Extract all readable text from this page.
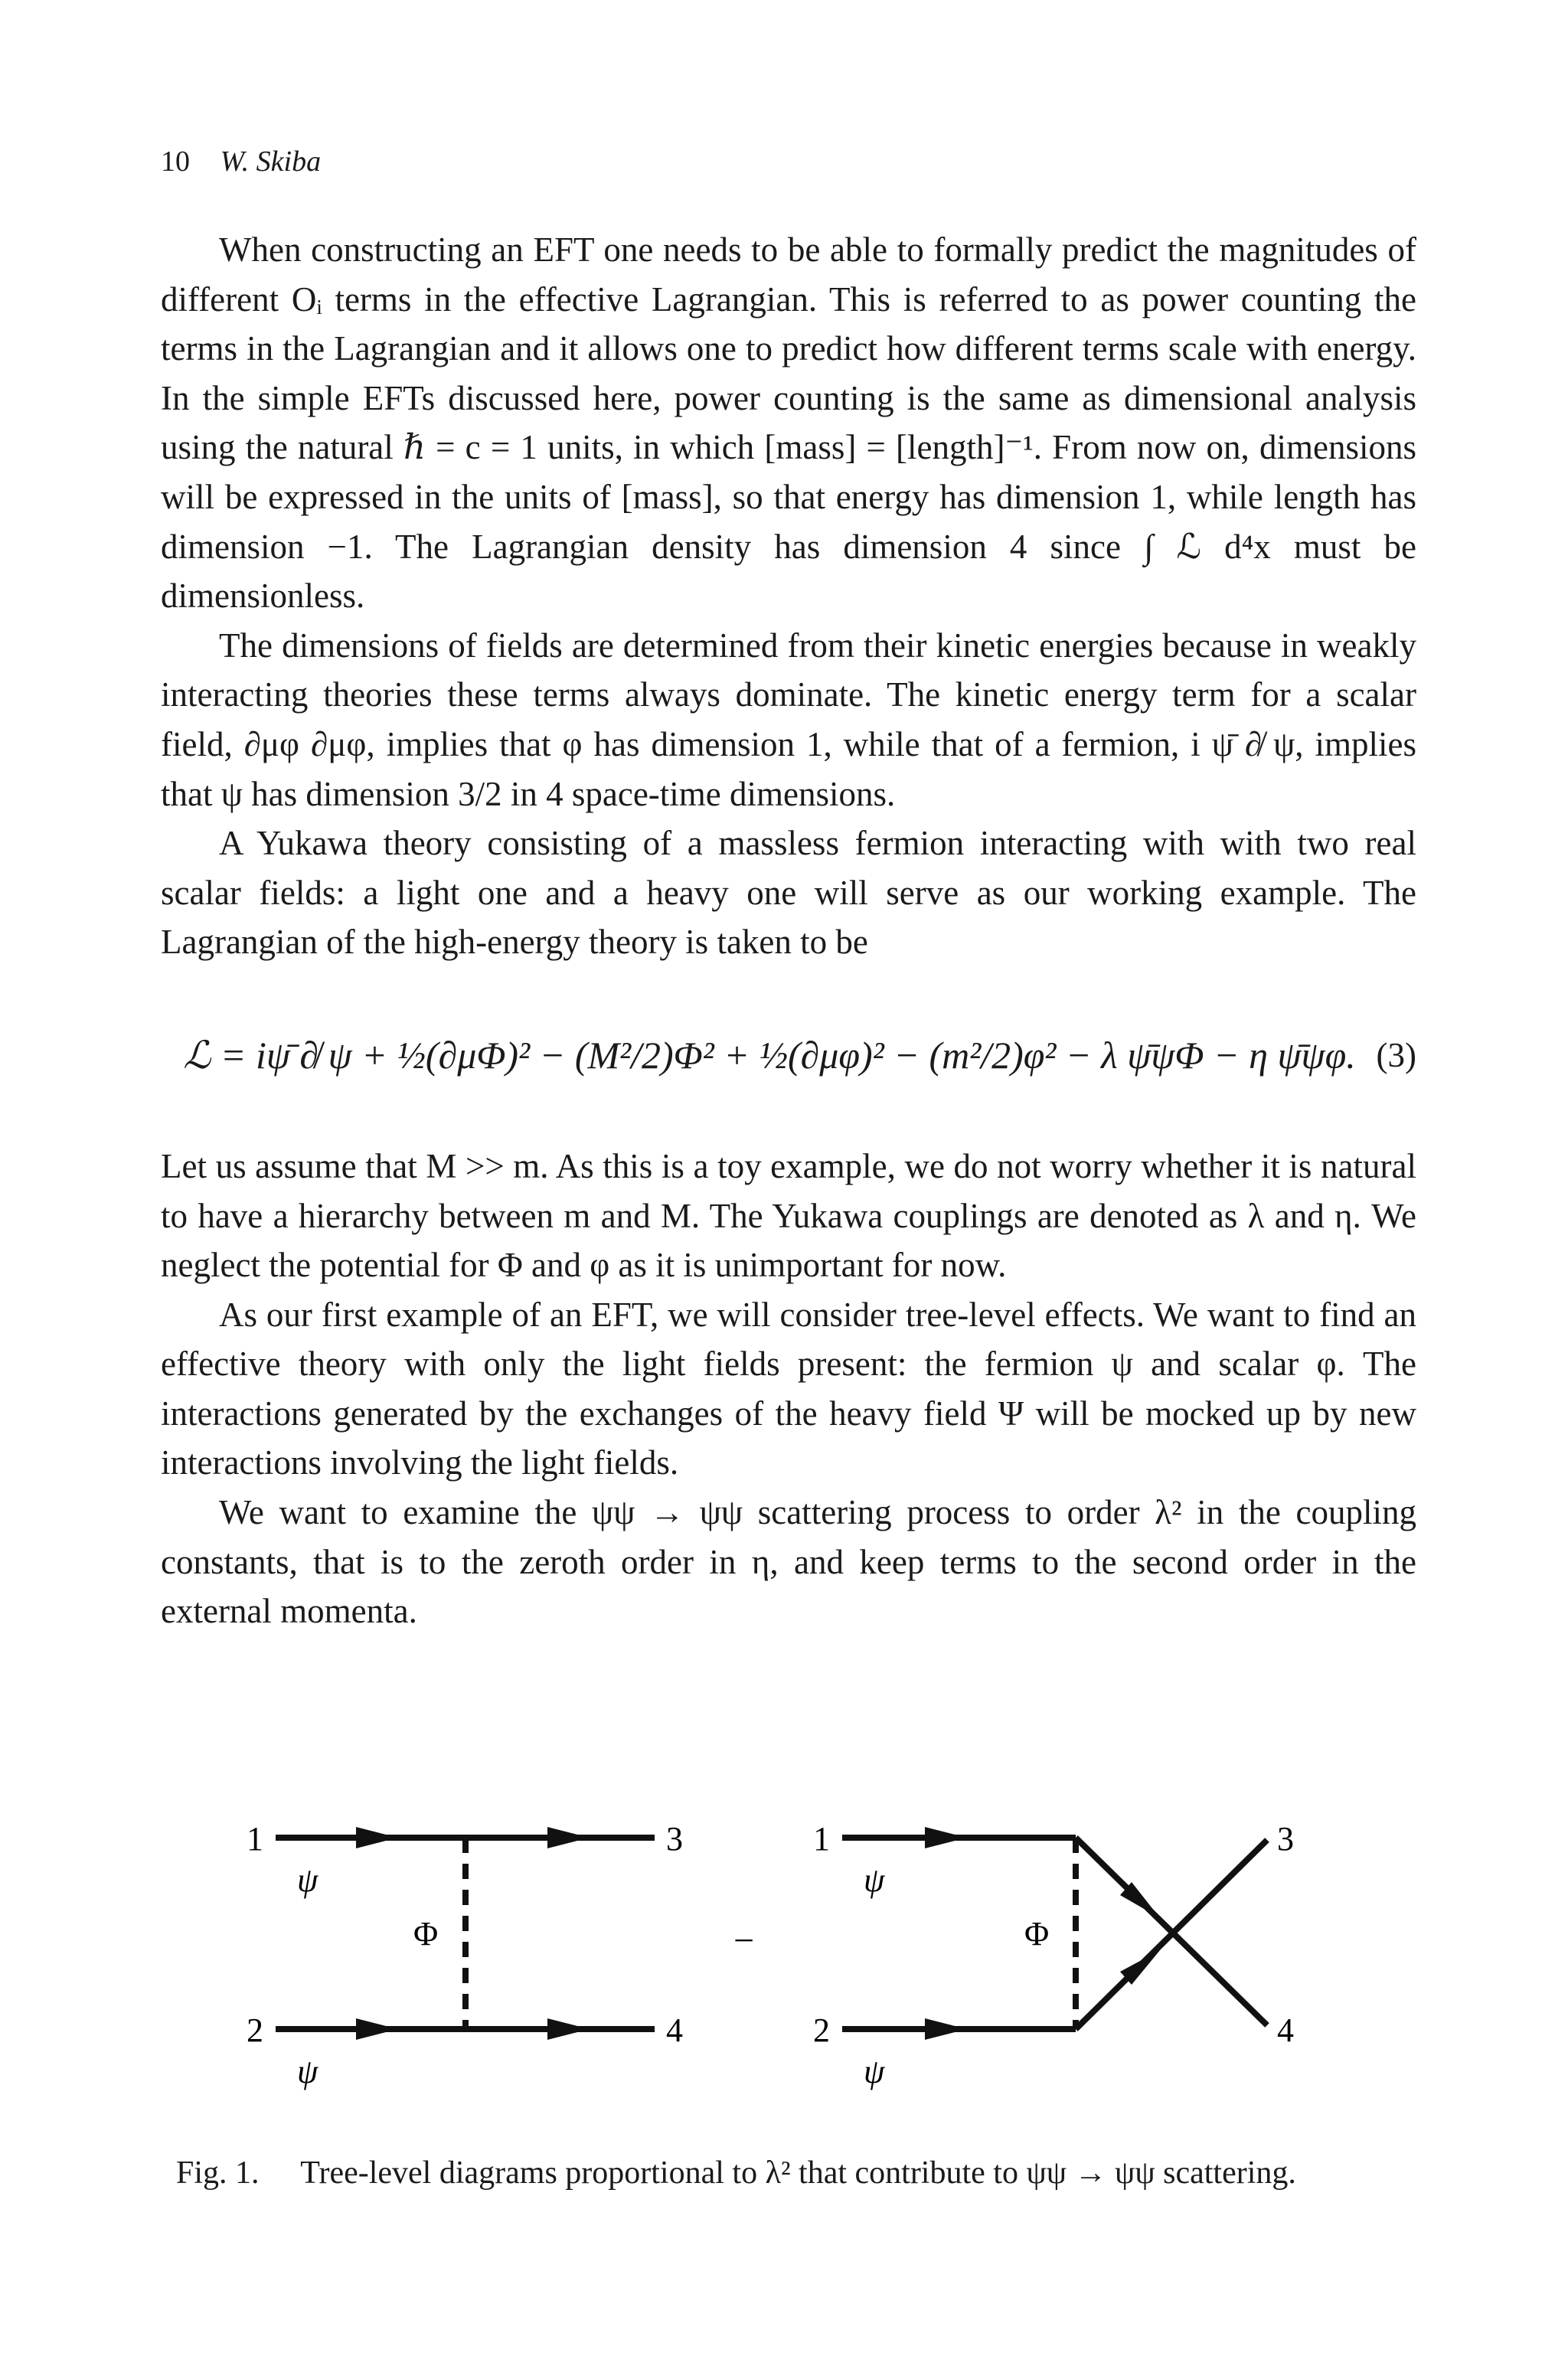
10 W. Skiba

When constructing an EFT one needs to be able to formally predict the magnitudes of different Oᵢ terms in the effective Lagrangian. This is referred to as power counting the terms in the Lagrangian and it allows one to predict how different terms scale with energy. In the simple EFTs discussed here, power counting is the same as dimensional analysis using the natural ℏ = c = 1 units, in which [mass] = [length]⁻¹. From now on, dimensions will be expressed in the units of [mass], so that energy has dimension 1, while length has dimension −1. The Lagrangian density has dimension 4 since ∫ ℒ d⁴x must be dimensionless.

The dimensions of fields are determined from their kinetic energies because in weakly interacting theories these terms always dominate. The kinetic energy term for a scalar field, ∂μφ ∂μφ, implies that φ has dimension 1, while that of a fermion, i ψ̄ ∂̸ ψ, implies that ψ has dimension 3/2 in 4 space-time dimensions.

A Yukawa theory consisting of a massless fermion interacting with with two real scalar fields: a light one and a heavy one will serve as our working example. The Lagrangian of the high-energy theory is taken to be

ℒ = iψ̄ ∂̸ ψ + ½(∂μΦ)² − (M²/2)Φ² + ½(∂μφ)² − (m²/2)φ² − λ ψ̄ψΦ − η ψ̄ψφ. (3)

Let us assume that M >> m. As this is a toy example, we do not worry whether it is natural to have a hierarchy between m and M. The Yukawa couplings are denoted as λ and η. We neglect the potential for Φ and φ as it is unimportant for now.

As our first example of an EFT, we will consider tree-level effects. We want to find an effective theory with only the light fields present: the fermion ψ and scalar φ. The interactions generated by the exchanges of the heavy field Ψ will be mocked up by new interactions involving the light fields.

We want to examine the ψψ → ψψ scattering process to order λ² in the coupling constants, that is to the zeroth order in η, and keep terms to the second order in the external momenta.

1
2
3
4
ψ
ψ
Φ	−
1
2
3
4
ψ
ψ
Φ
Fig. 1. Tree-level diagrams proportional to λ² that contribute to ψψ → ψψ scattering.
